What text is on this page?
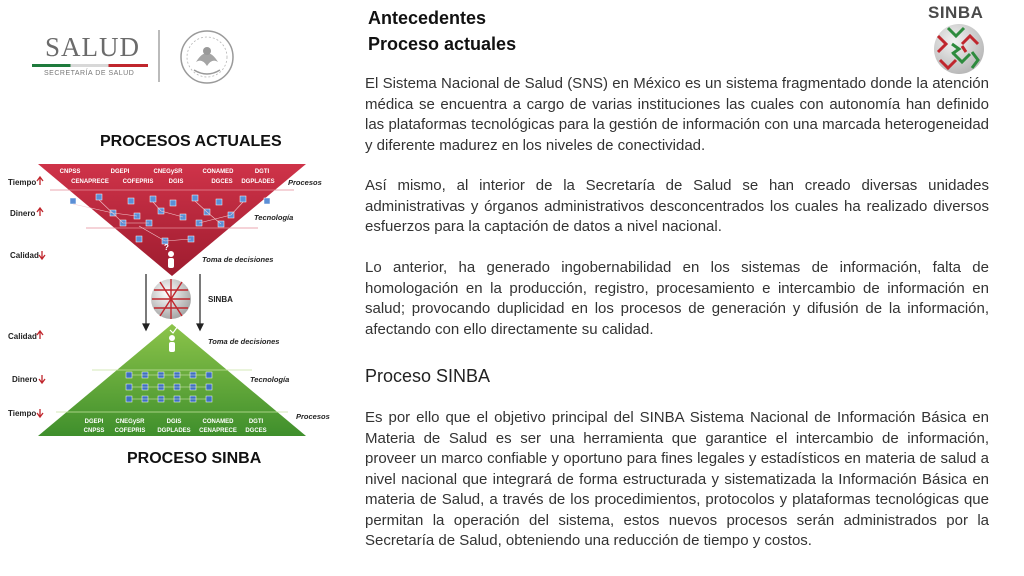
SALUD
SECRETARÍA DE SALUD
SINBA
Antecedentes
Proceso actuales
El Sistema Nacional de Salud (SNS) en México es un sistema fragmentado donde la atención médica se encuentra a cargo de varias instituciones las cuales con autonomía han definido las plataformas tecnológicas para la gestión de información con una marcada heterogeneidad y diferente madurez en los niveles de conectividad.
Así mismo, al interior de la Secretaría de Salud se han creado diversas unidades administrativas y órganos administrativos desconcentrados los cuales ha realizado diversos esfuerzos para la captación de datos a nivel nacional.
Lo anterior, ha generado ingobernabilidad en los sistemas de información, falta de homologación en la producción, registro, procesamiento e intercambio de información en salud; provocando duplicidad en los procesos de generación y difusión de la información, afectando con ello directamente su calidad.
Proceso SINBA
Es por ello que el objetivo principal del SINBA Sistema Nacional de Información Básica en Materia de Salud es ser una herramienta que garantice el intercambio de información, proveer un marco confiable y oportuno para fines legales y estadísticos en materia de salud a nivel nacional que integrará de forma estructurada y sistematizada la Información Básica en materia de Salud, a través de los procedimientos, protocolos y plataformas tecnológicas que permitan la operación del sistema, estos nuevos procesos serán administrados por la Secretaría de Salud, obteniendo una reducción de tiempo y costos.
PROCESOS ACTUALES
PROCESO SINBA
CNPSS	DGEPI	CNEGySR	CONAMED	DGTI
CENAPRECE COFEPRIS	DGIS	DGCES DGPLADES
?
Tiempo
Dinero
Calidad
Procesos
Tecnología
Toma de decisiones
SINBA
DGEPI CNEGySR	DGIS	CONAMED	DGTI
CNPSS COFEPRIS DGPLADES CENAPRECE DGCES
Calidad
Dinero
Tiempo
Toma de decisiones
Tecnología
Procesos
